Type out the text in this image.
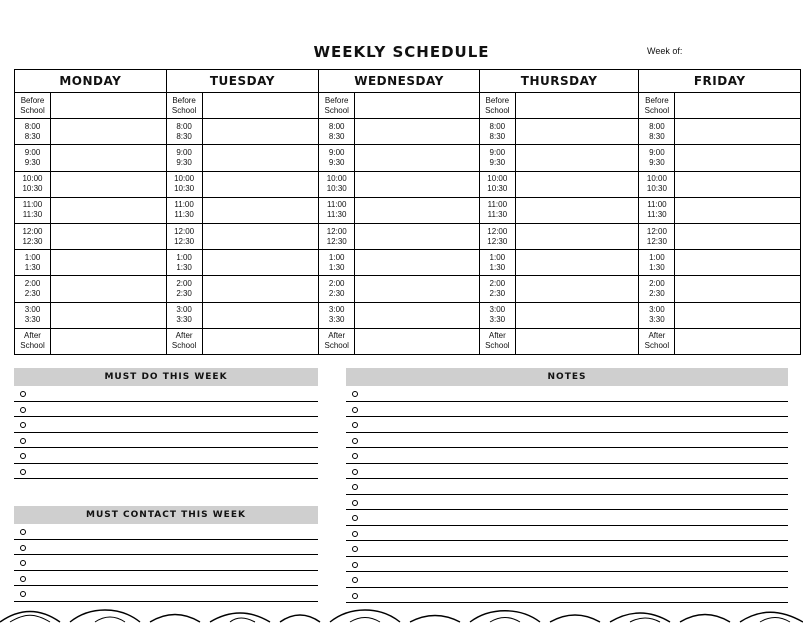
WEEKLY SCHEDULE	Week of:
MONDAY
Before
School
8:00
8:30
9:00
9:30
10:00
10:30
11:00
11:30
12:00
12:30
1:00
1:30
2:00
2:30
3:00
3:30
After
School
TUESDAY
Before
School
8:00
8:30
9:00
9:30
10:00
10:30
11:00
11:30
12:00
12:30
1:00
1:30
2:00
2:30
3:00
3:30
After
School
WEDNESDAY
Before
School
8:00
8:30
9:00
9:30
10:00
10:30
11:00
11:30
12:00
12:30
1:00
1:30
2:00
2:30
3:00
3:30
After
School
THURSDAY
Before
School
8:00
8:30
9:00
9:30
10:00
10:30
11:00
11:30
12:00
12:30
1:00
1:30
2:00
2:30
3:00
3:30
After
School
FRIDAY
Before
School
8:00
8:30
9:00
9:30
10:00
10:30
11:00
11:30
12:00
12:30
1:00
1:30
2:00
2:30
3:00
3:30
After
School
MUST DO THIS WEEK
MUST CONTACT THIS WEEK
NOTES
